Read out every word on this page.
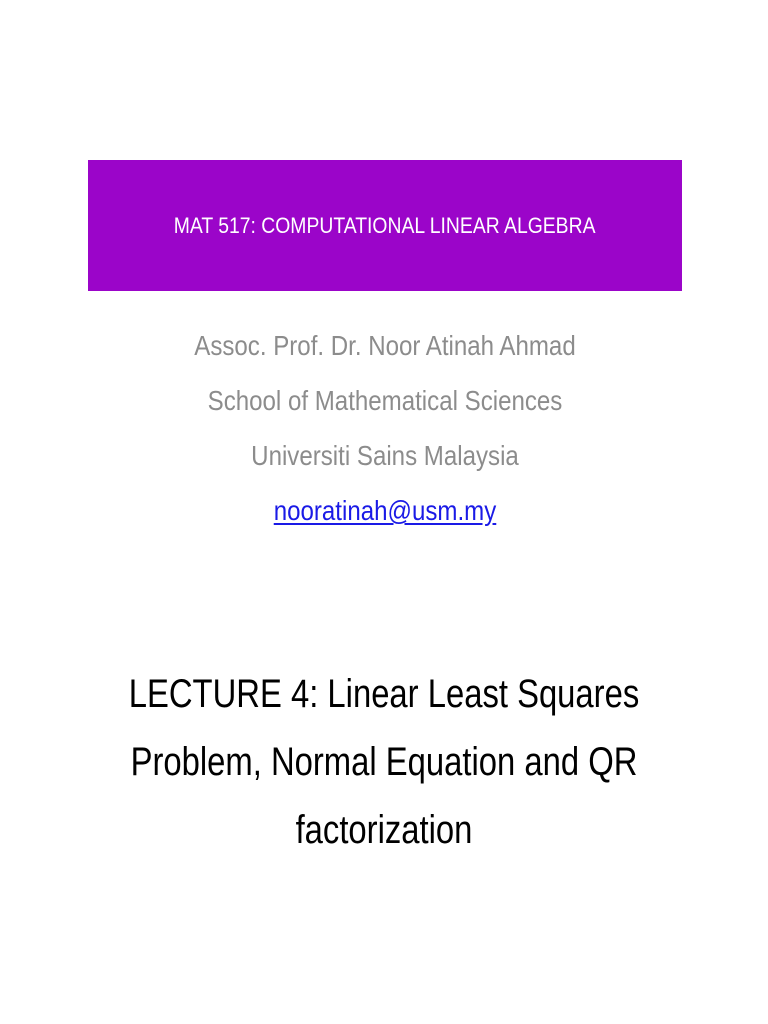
MAT 517: COMPUTATIONAL LINEAR ALGEBRA
Assoc. Prof. Dr. Noor Atinah Ahmad
School of Mathematical Sciences
Universiti Sains Malaysia
nooratinah@usm.my
LECTURE 4: Linear Least Squares
Problem, Normal Equation and QR
factorization
